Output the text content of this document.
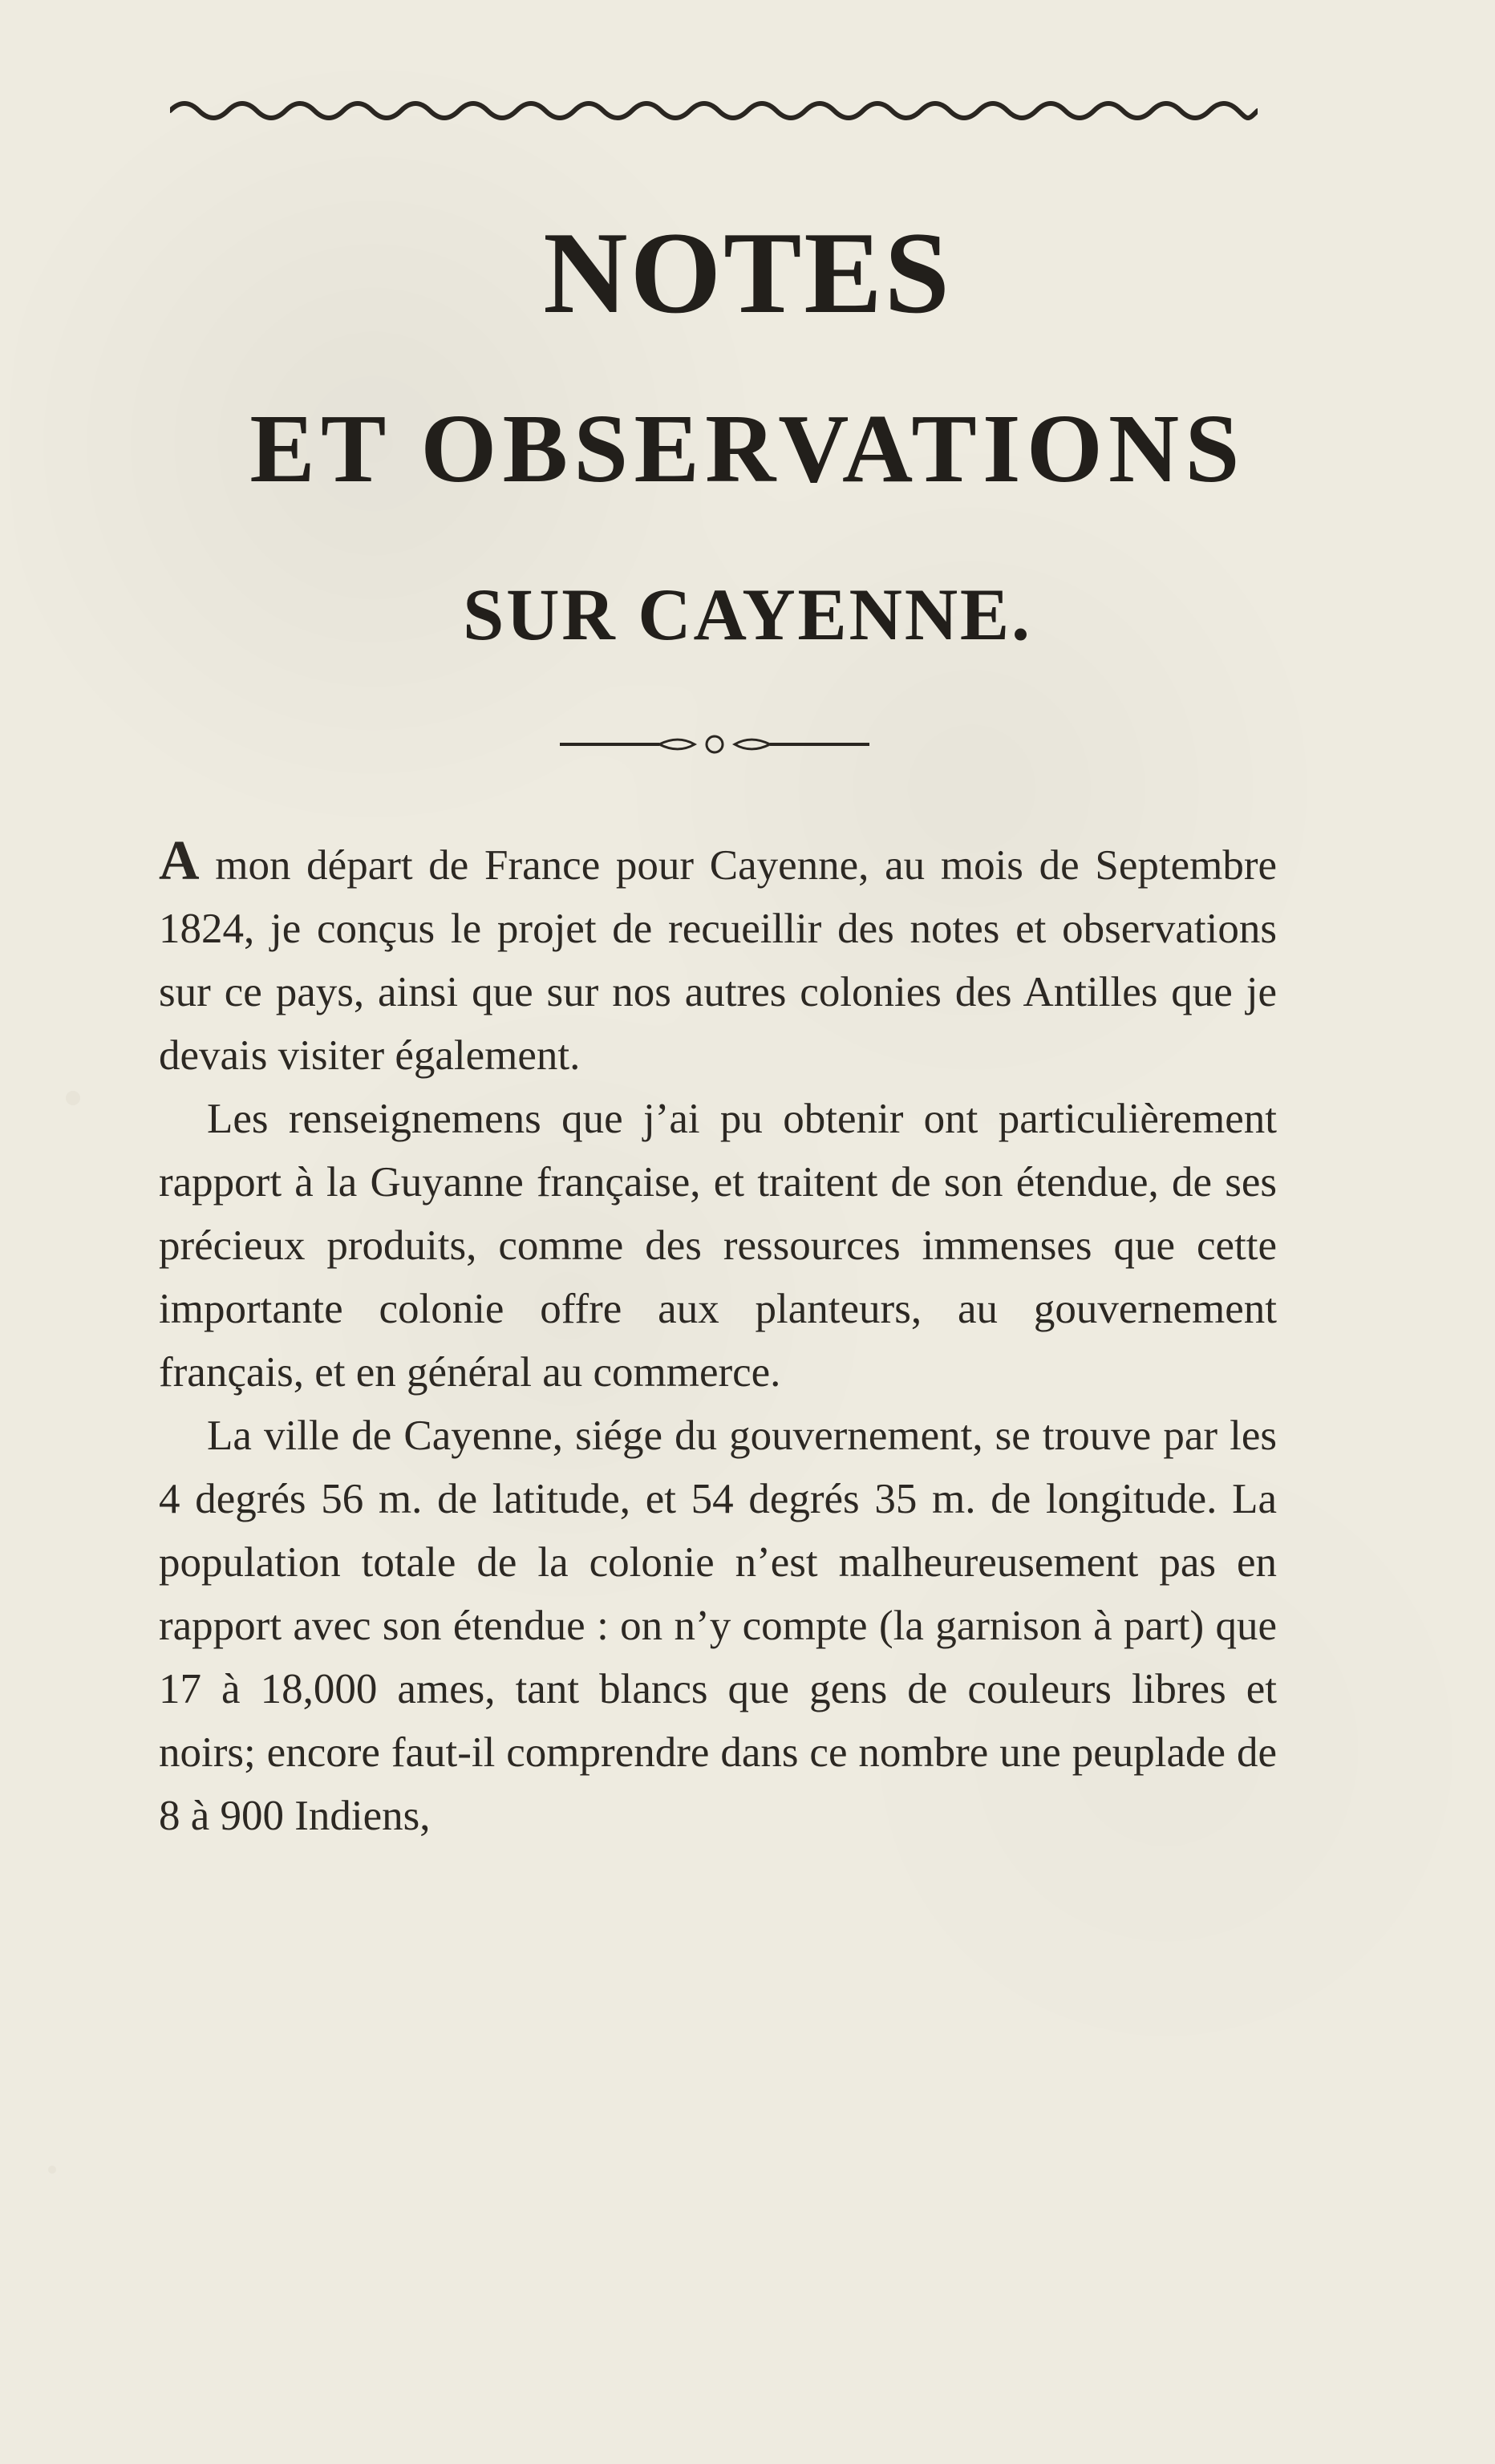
NOTES
ET OBSERVATIONS
SUR CAYENNE.

A mon départ de France pour Cayenne, au mois de Septembre 1824, je conçus le projet de recueillir des notes et observations sur ce pays, ainsi que sur nos autres colonies des Antilles que je devais visiter également.

Les renseignemens que j’ai pu obtenir ont particulièrement rapport à la Guyanne française, et traitent de son étendue, de ses précieux produits, comme des ressources immenses que cette importante colonie offre aux planteurs, au gouvernement français, et en général au commerce.

La ville de Cayenne, siége du gouvernement, se trouve par les 4 degrés 56 m. de latitude, et 54 degrés 35 m. de longitude. La population totale de la colonie n’est malheureusement pas en rapport avec son étendue : on n’y compte (la garnison à part) que 17 à 18,000 ames, tant blancs que gens de couleurs libres et noirs; encore faut-il comprendre dans ce nombre une peuplade de 8 à 900 Indiens,
